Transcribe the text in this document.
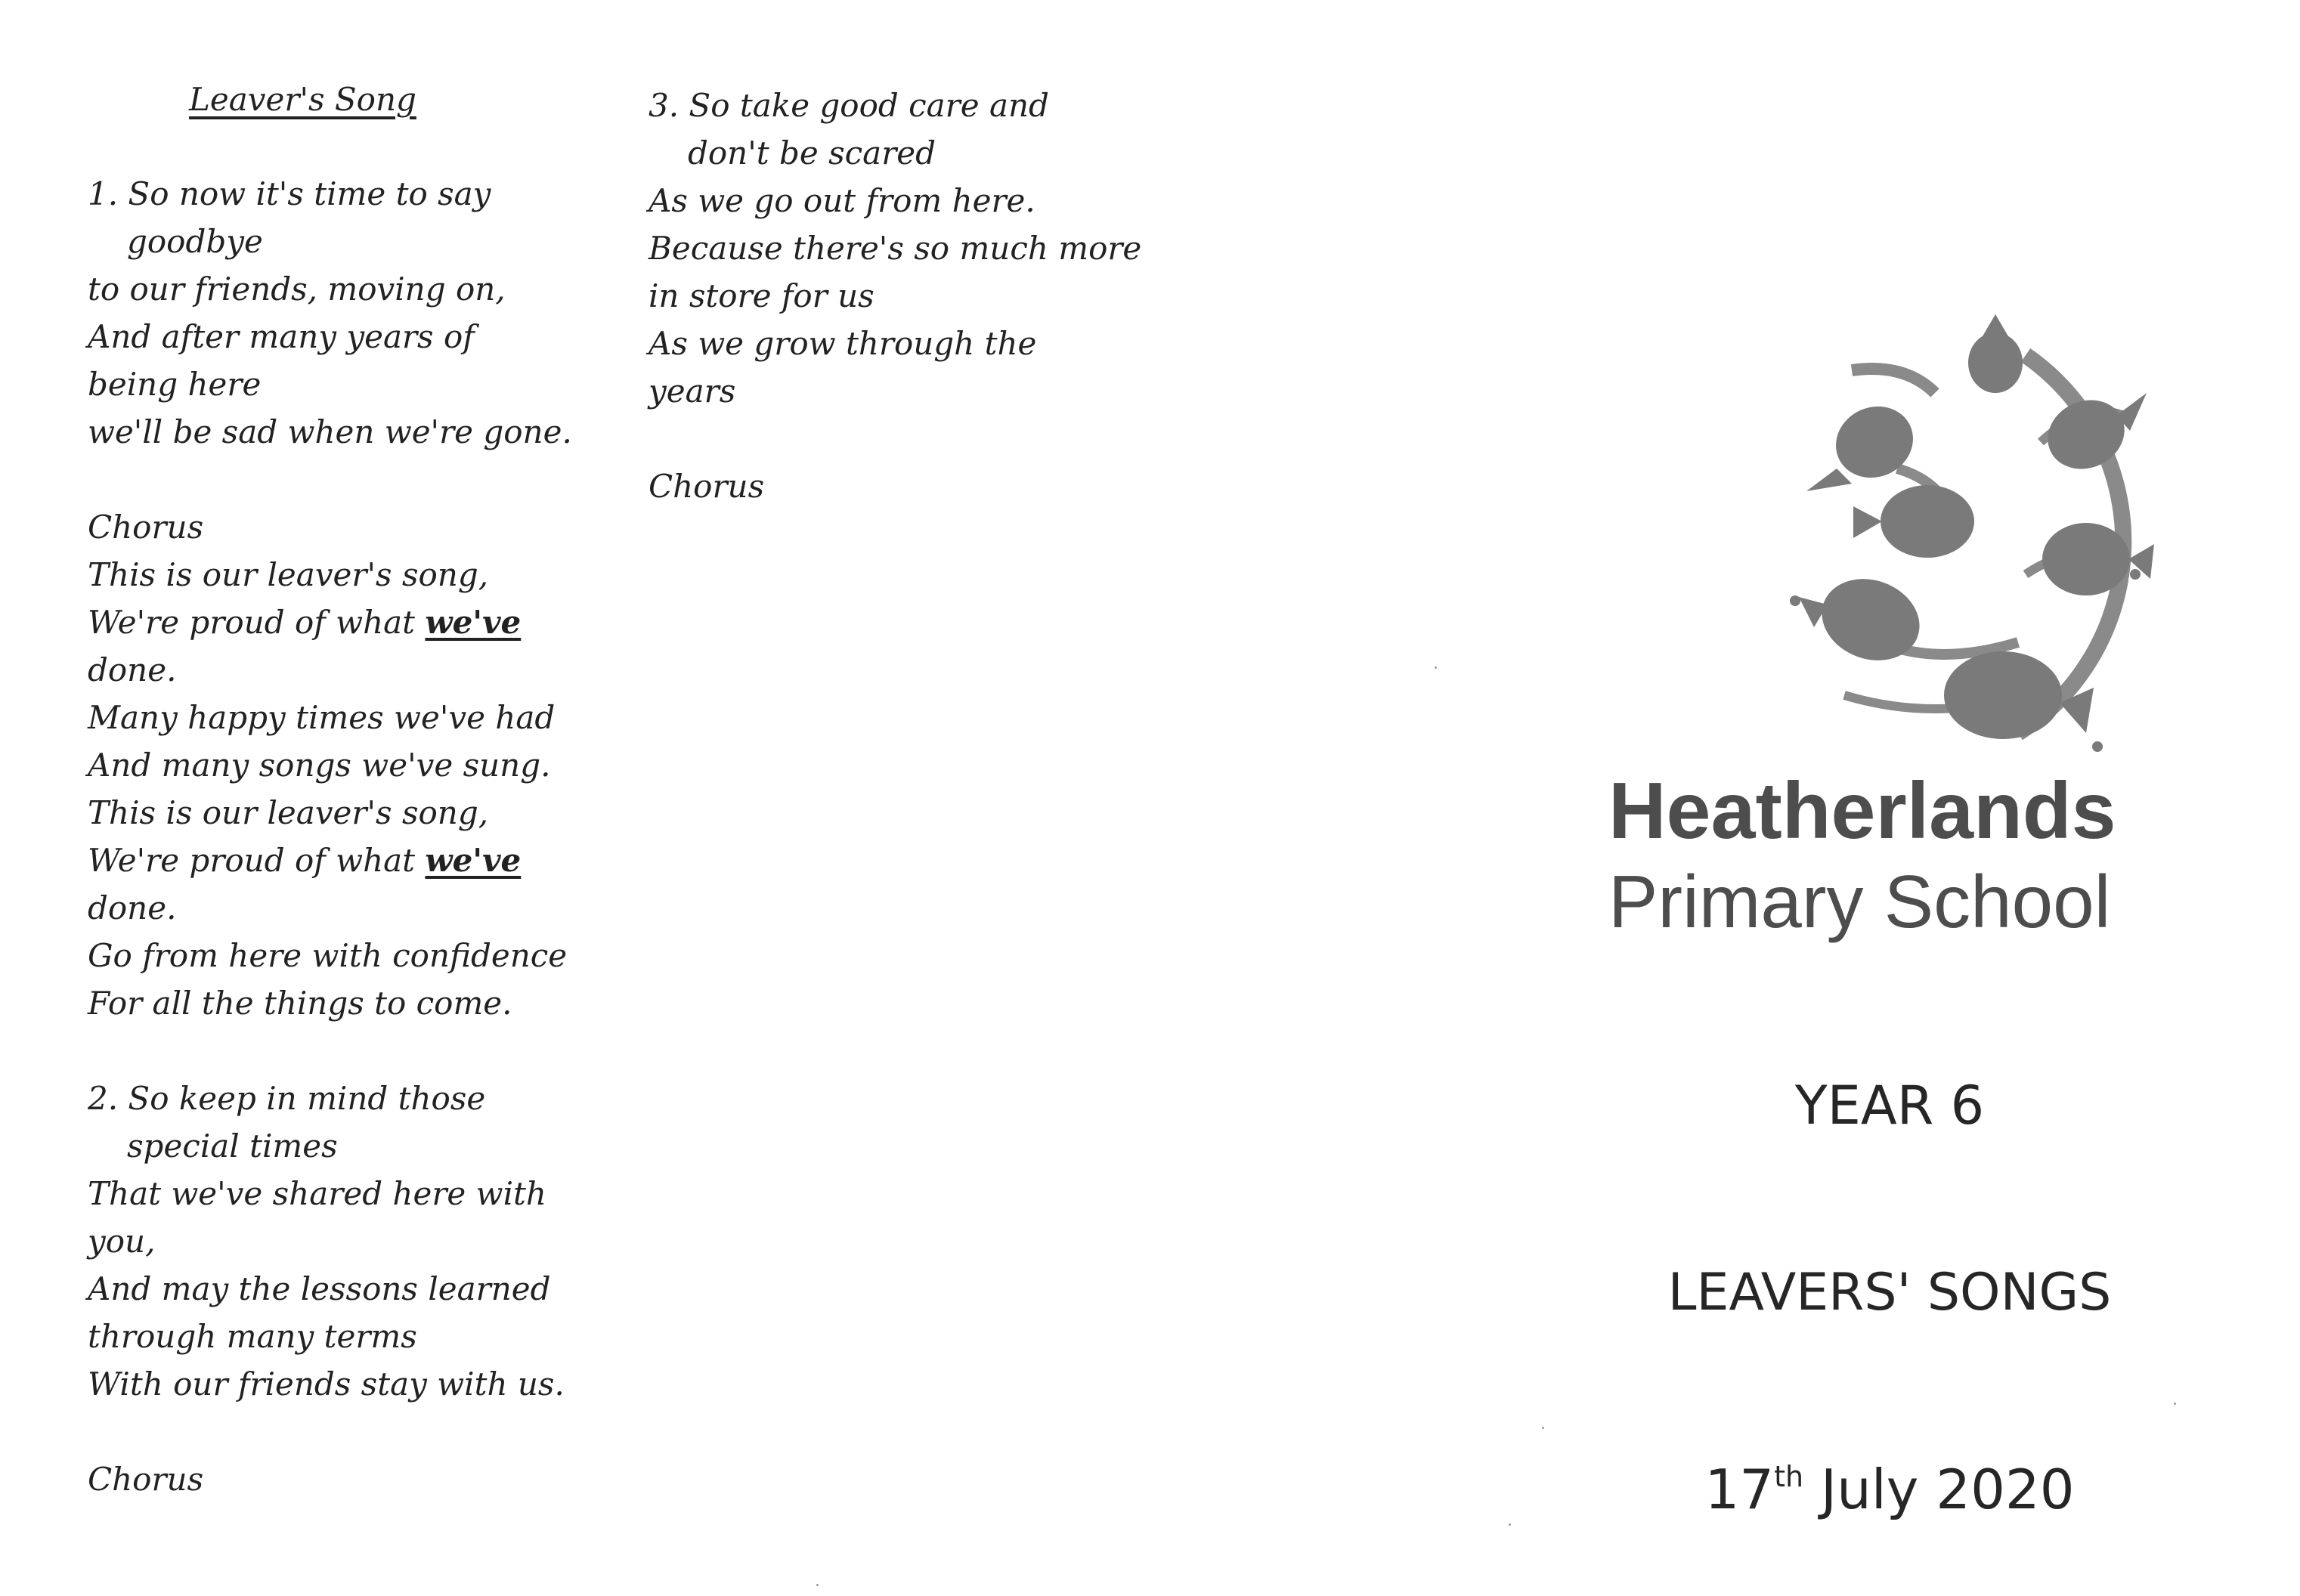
Leaver's Song
1. So now it's time to say
goodbye
to our friends, moving on,
And after many years of
being here
we'll be sad when we're gone.
Chorus
This is our leaver's song,
We're proud of what we've
done.
Many happy times we've had
And many songs we've sung.
This is our leaver's song,
We're proud of what we've
done.
Go from here with confidence
For all the things to come.
2. So keep in mind those
special times
That we've shared here with
you,
And may the lessons learned
through many terms
With our friends stay with us.
Chorus
3. So take good care and
don't be scared
As we go out from here.
Because there's so much more
in store for us
As we grow through the
years
Chorus
Heatherlands
Primary School
YEAR 6
LEAVERS' SONGS
17th July 2020
